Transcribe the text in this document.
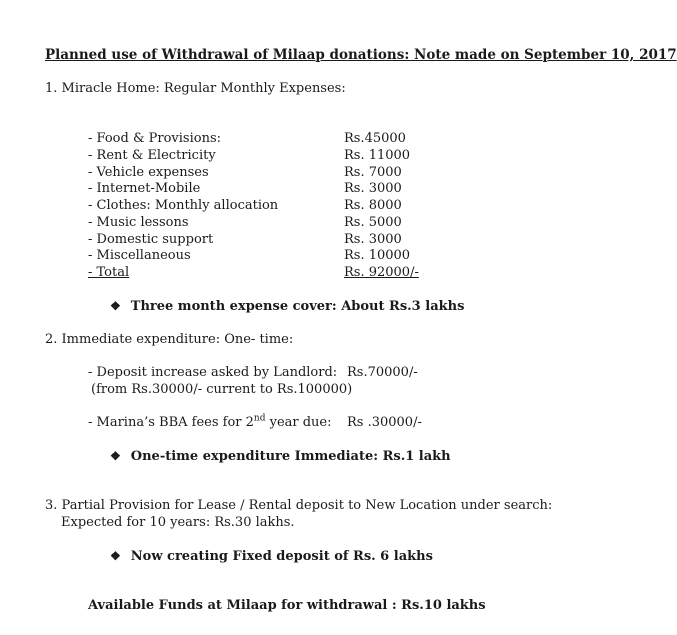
Planned use of Withdrawal of Milaap donations: Note made on September 10, 2017
1. Miracle Home: Regular Monthly Expenses:
- Food & Provisions:	Rs.45000
- Rent & Electricity	Rs. 11000
- Vehicle expenses	Rs. 7000
- Internet-Mobile	Rs. 3000
- Clothes: Monthly allocation	Rs. 8000
- Music lessons	Rs. 5000
- Domestic support	Rs. 3000
- Miscellaneous	Rs. 10000
- Total	Rs. 92000/-
❖ Three month expense cover: About Rs.3 lakhs
2. Immediate expenditure: One- time:
- Deposit increase asked by Landlord: Rs.70000/-
(from Rs.30000/- current to Rs.100000)
- Marina’s BBA fees for 2nd year due: Rs .30000/-
❖ One-time expenditure Immediate: Rs.1 lakh
3. Partial Provision for Lease / Rental deposit to New Location under search:
Expected for 10 years: Rs.30 lakhs.
❖ Now creating Fixed deposit of Rs. 6 lakhs
Available Funds at Milaap for withdrawal : Rs.10 lakhs
